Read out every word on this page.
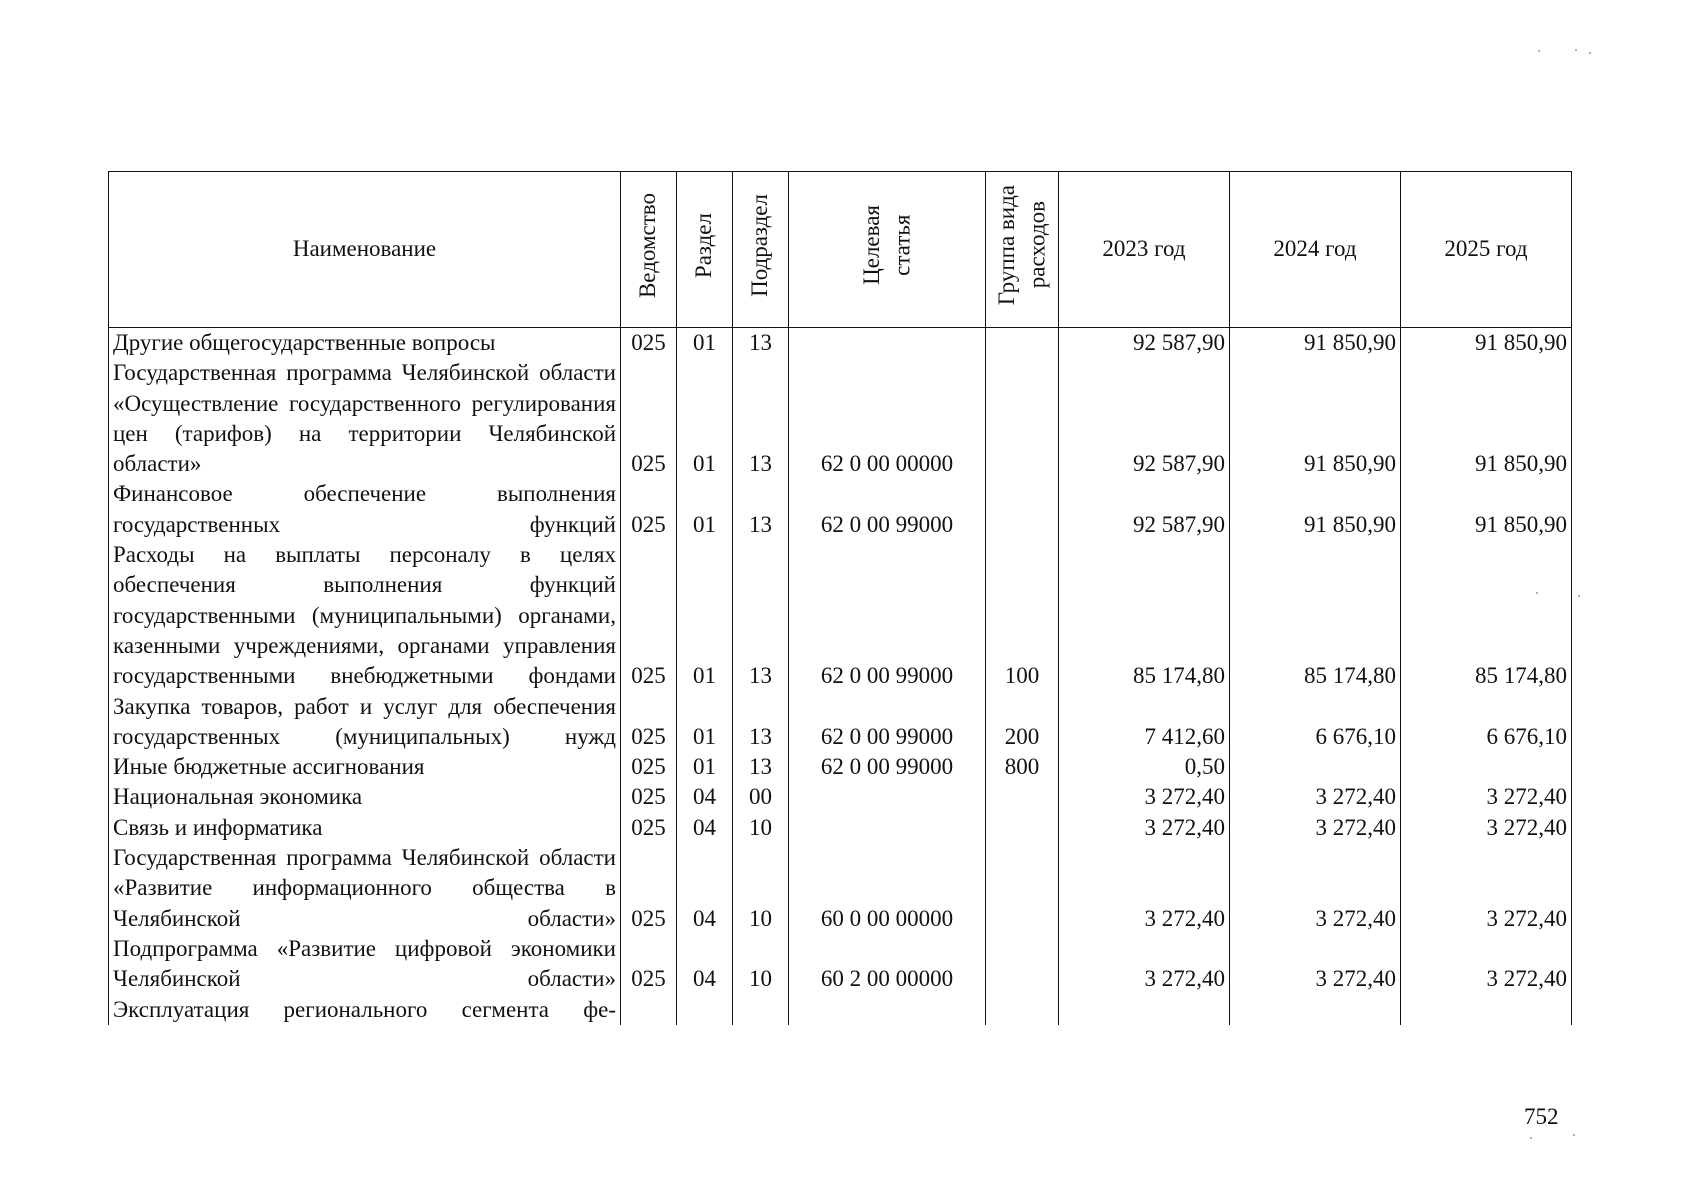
Наименование	Ведомство	Раздел	Подраздел	Целевая статья	Группа вида расходов	2023 год	2024 год	2025 год
Другие общегосударственные вопросы	025	01	13			92 587,90	91 850,90	91 850,90
Государственная программа Челябинской области «Осуществление государственного регулирования цен (тарифов) на территории Челябинской области»	025	01	13	62 0 00 00000		92 587,90	91 850,90	91 850,90
Финансовое обеспечение выполнения государственных функций	025	01	13	62 0 00 99000		92 587,90	91 850,90	91 850,90
Расходы на выплаты персоналу в целях обеспечения выполнения функций государственными (муниципальными) органами, казенными учреждениями, органами управления государственными внебюджетными фондами	025	01	13	62 0 00 99000	100	85 174,80	85 174,80	85 174,80
Закупка товаров, работ и услуг для обеспечения государственных (муниципальных) нужд	025	01	13	62 0 00 99000	200	7 412,60	6 676,10	6 676,10
Иные бюджетные ассигнования	025	01	13	62 0 00 99000	800	0,50		
Национальная экономика	025	04	00			3 272,40	3 272,40	3 272,40
Связь и информатика	025	04	10			3 272,40	3 272,40	3 272,40
Государственная программа Челябинской области «Развитие информационного общества в Челябинской области»	025	04	10	60 0 00 00000		3 272,40	3 272,40	3 272,40
Подпрограмма «Развитие цифровой экономики Челябинской области»	025	04	10	60 2 00 00000		3 272,40	3 272,40	3 272,40
Эксплуатация регионального сегмента фе-								
752
